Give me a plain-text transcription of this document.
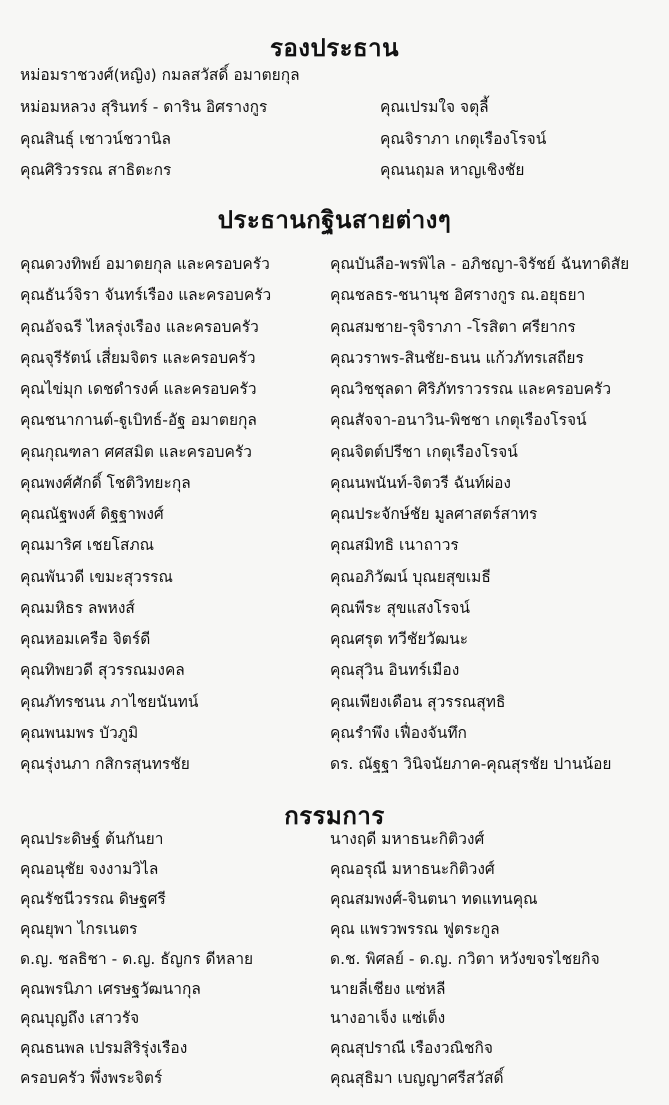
รองประธาน
หม่อมราชวงศ์(หญิง) กมลสวัสดิ์ อมาตยกุล
หม่อมหลวง สุรินทร์ - ดาริน อิศรางกูร
คุณสินธุ์ เชาวน์ชวานิล
คุณศิริวรรณ สาธิตะกร
คุณเปรมใจ จตุลี้
คุณจิราภา เกตุเรืองโรจน์
คุณนฤมล หาญเชิงชัย
ประธานกฐินสายต่างๆ
คุณดวงทิพย์ อมาตยกุล และครอบครัว
คุณธันว์จิรา จันทร์เรือง และครอบครัว
คุณอัจฉรี ไหลรุ่งเรือง และครอบครัว
คุณจุรีรัตน์ เสี่ยมจิตร และครอบครัว
คุณไข่มุก เดชดำรงค์ และครอบครัว
คุณชนากานต์-ฐูเบิทธ์-อัฐ อมาตยกุล
คุณกุณฑลา ศศสมิต และครอบครัว
คุณพงศ์ศักดิ์ โชติวิทยะกุล
คุณณัฐพงศ์ ดิฐฐาพงศ์
คุณมาริศ เชยโสภณ
คุณพันวดี เขมะสุวรรณ
คุณมหิธร ลพหงส์
คุณหอมเครือ จิตร์ดี
คุณทิพยวดี สุวรรณมงคล
คุณภัทรชนน ภาไชยนันทน์
คุณพนมพร บัวภูมิ
คุณรุ่งนภา กสิกรสุนทรชัย
คุณบันลือ-พรพิไล - อภิชญา-จิรัชย์ ฉันทาดิสัย
คุณชลธร-ชนานุช อิศรางกูร ณ.อยุธยา
คุณสมชาย-รุจิราภา -โรสิตา ศรียากร
คุณวราพร-สินชัย-ธนน แก้วภัทรเสถียร
คุณวิชชุลดา ศิริภัทราวรรณ และครอบครัว
คุณสัจจา-อนาวิน-พิชชา เกตุเรืองโรจน์
คุณจิตต์ปรีชา เกตุเรืองโรจน์
คุณนพนันท์-จิตวรี ฉันท์ผ่อง
คุณประจักษ์ชัย มูลศาสตร์สาทร
คุณสมิทธิ เนาถาวร
คุณอภิวัฒน์ บุณยสุขเมธี
คุณพีระ สุขแสงโรจน์
คุณศรุต ทวีชัยวัฒนะ
คุณสุวิน อินทร์เมือง
คุณเพียงเดือน สุวรรณสุทธิ
คุณรำพึง เฟื่องจันทึก
ดร. ณัฐฐา วินิจนัยภาค-คุณสุรชัย ปานน้อย
กรรมการ
คุณประดิษฐ์ ต้นกันยา
คุณอนุชัย จงงามวิไล
คุณรัชนีวรรณ ดิษฐศรี
คุณยุพา ไกรเนตร
ด.ญ. ชลธิชา - ด.ญ. ธัญกร ดีหลาย
คุณพรนิภา เศรษฐวัฒนากุล
คุณบุญถึง เสาวรัจ
คุณธนพล เปรมสิริรุ่งเรือง
ครอบครัว พึ่งพระจิตร์
นางฤดี มหาธนะกิติวงศ์
คุณอรุณี มหาธนะกิติวงศ์
คุณสมพงศ์-จินตนา ทดแทนคุณ
คุณ แพรวพรรณ ฟูตระกูล
ด.ช. พิศลย์ - ด.ญ. กวิตา หวังขจรไชยกิจ
นายลี่เชียง แซ่หลี
นางอาเจ็ง แซ่เต็ง
คุณสุปราณี เรืองวณิชกิจ
คุณสุธิมา เบญญาศรีสวัสดิ์
